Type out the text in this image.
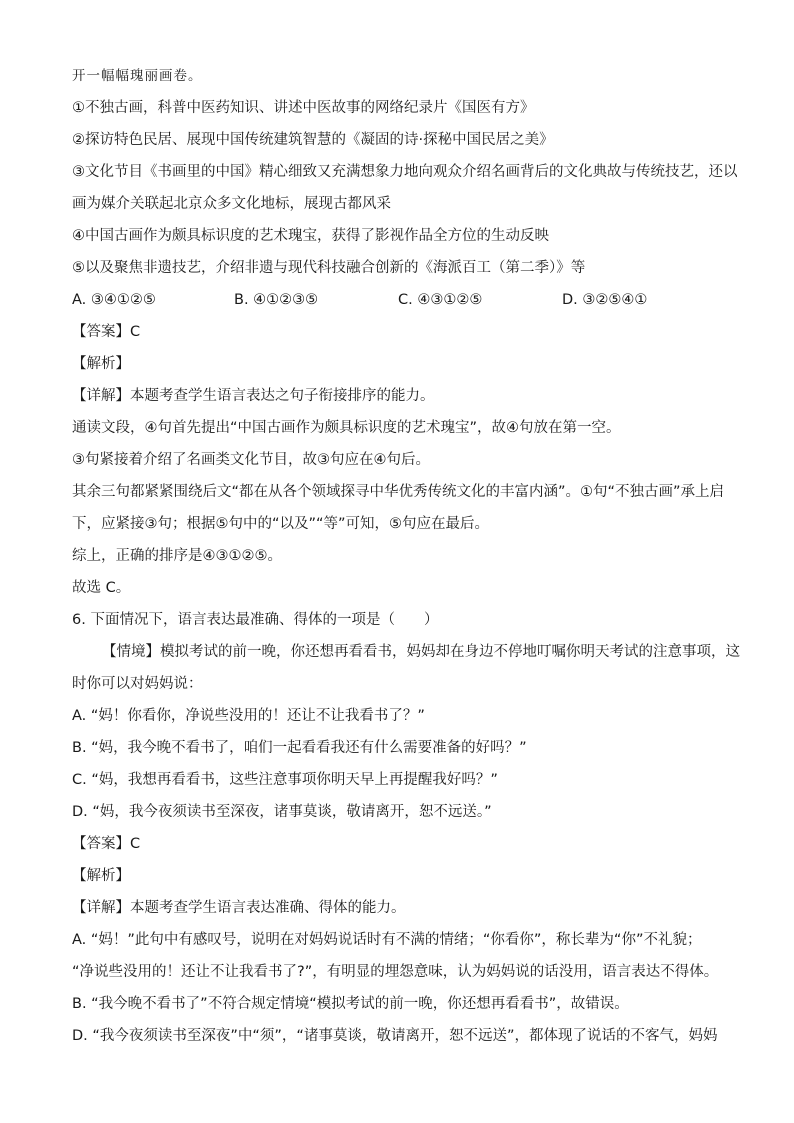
开一幅幅瑰丽画卷。
①不独古画，科普中医药知识、讲述中医故事的网络纪录片《国医有方》
②探访特色民居、展现中国传统建筑智慧的《凝固的诗·探秘中国民居之美》
③文化节目《书画里的中国》精心细致又充满想象力地向观众介绍名画背后的文化典故与传统技艺，还以
画为媒介关联起北京众多文化地标，展现古都风采
④中国古画作为颇具标识度的艺术瑰宝，获得了影视作品全方位的生动反映
⑤以及聚焦非遗技艺，介绍非遗与现代科技融合创新的《海派百工（第二季）》等
A. ③④①②⑤	B. ④①②③⑤	C. ④③①②⑤	D. ③②⑤④①
【答案】C
【解析】
【详解】本题考查学生语言表达之句子衔接排序的能力。
通读文段，④句首先提出“中国古画作为颇具标识度的艺术瑰宝”，故④句放在第一空。
③句紧接着介绍了名画类文化节目，故③句应在④句后。
其余三句都紧紧围绕后文“都在从各个领域探寻中华优秀传统文化的丰富内涵”。①句“不独古画”承上启
下，应紧接③句；根据⑤句中的“以及”“等”可知，⑤句应在最后。
综上，正确的排序是④③①②⑤。
故选 C。
6. 下面情况下，语言表达最准确、得体的一项是（　　）
【情境】模拟考试的前一晚，你还想再看看书，妈妈却在身边不停地叮嘱你明天考试的注意事项，这
时你可以对妈妈说：
A. “妈！你看你，净说些没用的！还让不让我看书了？”
B. “妈，我今晚不看书了，咱们一起看看我还有什么需要准备的好吗？”
C. “妈，我想再看看书，这些注意事项你明天早上再提醒我好吗？”
D. “妈，我今夜须读书至深夜，诸事莫谈，敬请离开，恕不远送。”
【答案】C
【解析】
【详解】本题考查学生语言表达准确、得体的能力。
A. “妈！”此句中有感叹号，说明在对妈妈说话时有不满的情绪；“你看你”，称长辈为“你”不礼貌；
“净说些没用的！还让不让我看书了?”，有明显的埋怨意味，认为妈妈说的话没用，语言表达不得体。
B. “我今晚不看书了”不符合规定情境“模拟考试的前一晚，你还想再看看书”，故错误。
D. “我今夜须读书至深夜”中“须”，“诸事莫谈，敬请离开，恕不远送”，都体现了说话的不客气，妈妈
